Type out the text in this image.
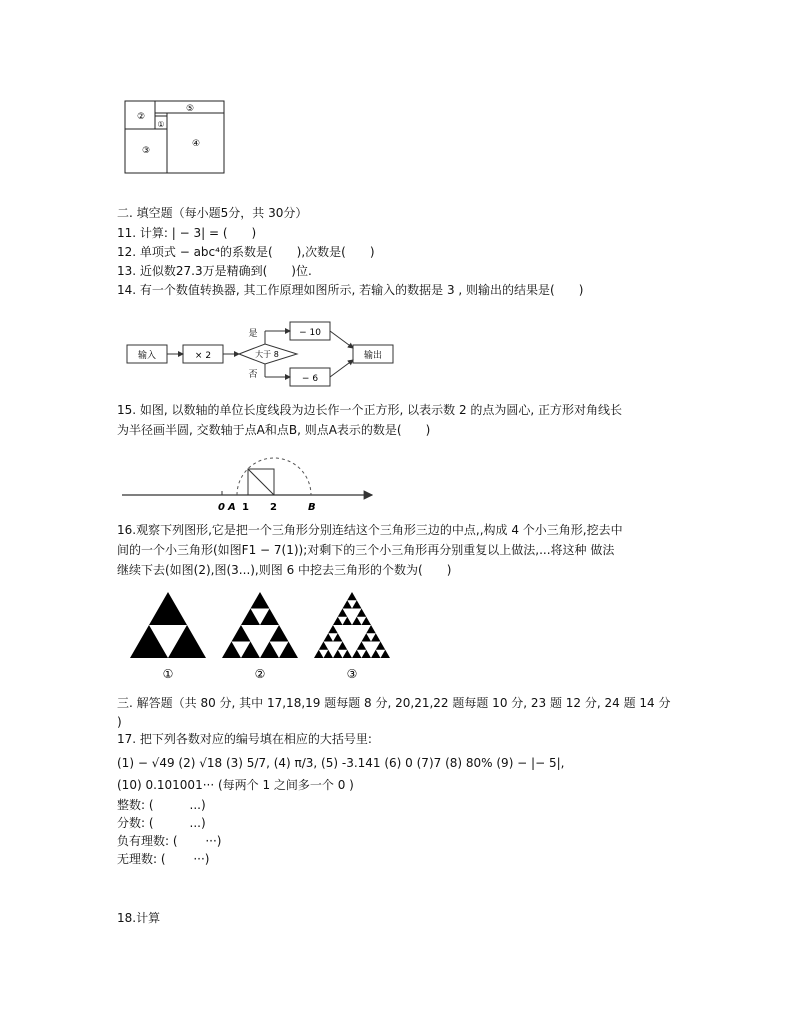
②
⑤
①
③
④
二. 填空题（每小题5分，共 30分）
11. 计算: | − 3| = (　　)
12. 单项式 − abc⁴的系数是(　　),次数是(　　)
13. 近似数27.3万是精确到(　　)位.
14. 有一个数值转换器, 其工作原理如图所示, 若输入的数据是 3 , 则输出的结果是(　　)
输入	× 2	大于 8
是
否
− 10
− 6
输出
15. 如图, 以数轴的单位长度线段为边长作一个正方形, 以表示数 2 的点为圆心, 正方形对角线长
为半径画半圆, 交数轴于点A和点B, 则点A表示的数是(　　)
0 A 1 2	B
16.观察下列图形,它是把一个三角形分别连结这个三角形三边的中点,,构成 4 个小三角形,挖去中
间的一个小三角形(如图F1 − 7(1));对剩下的三个小三角形再分别重复以上做法,...将这种 做法
继续下去(如图(2),图(3...),则图 6 中挖去三角形的个数为(　　)
①	②	③
三. 解答题（共 80 分, 其中 17,18,19 题每题 8 分, 20,21,22 题每题 10 分, 23 题 12 分, 24 题 14 分
)
17. 把下列各数对应的编号填在相应的大括号里:
(1) − √49 (2) √18 (3) 5/7, (4) π/3, (5) -3.141 (6) 0 (7)7 (8) 80% (9) − |− 5|,
(10) 0.101001··· (每两个 1 之间多一个 0 )
整数: (　　　...)
分数: (　　　...)
负有理数: (　　 ···)
无理数: (　　 ···)
18.计算
